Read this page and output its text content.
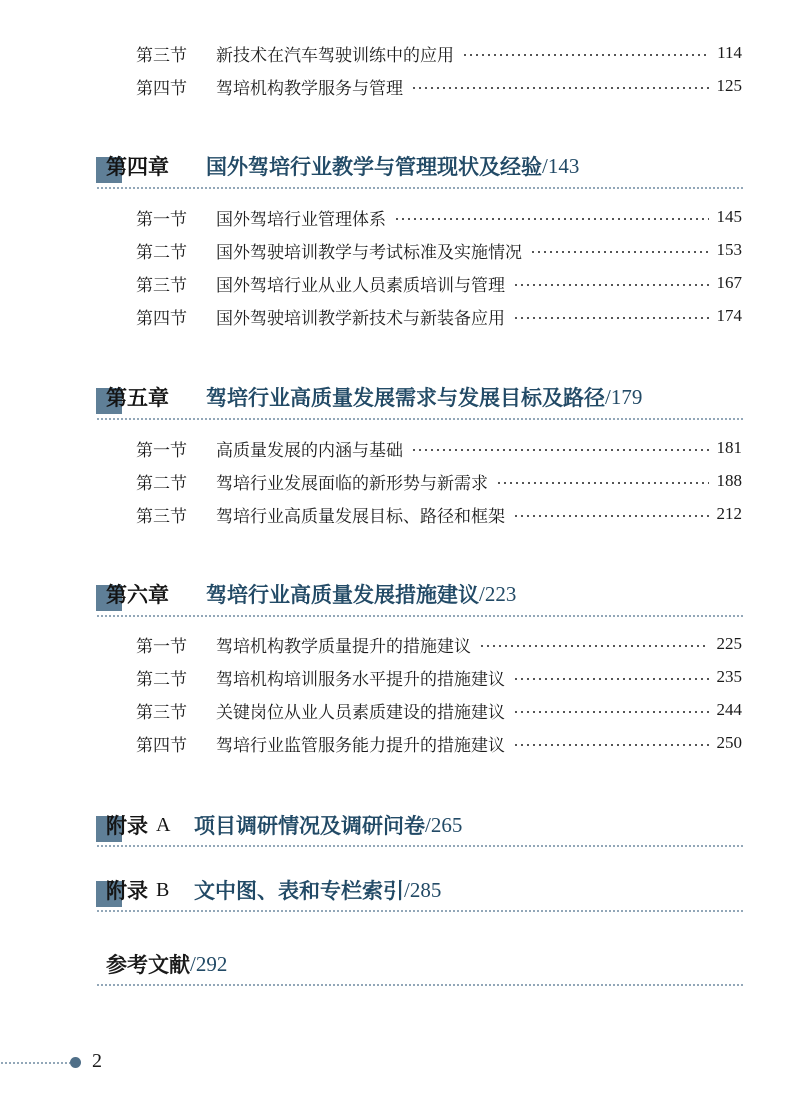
第三节	新技术在汽车驾驶训练中的应用	114
第四节	驾培机构教学服务与管理	125
第四章	国外驾培行业教学与管理现状及经验 /143
第一节	国外驾培行业管理体系	145
第二节	国外驾驶培训教学与考试标准及实施情况	153
第三节	国外驾培行业从业人员素质培训与管理	167
第四节	国外驾驶培训教学新技术与新装备应用	174
第五章	驾培行业高质量发展需求与发展目标及路径 /179
第一节	高质量发展的内涵与基础	181
第二节	驾培行业发展面临的新形势与新需求	188
第三节	驾培行业高质量发展目标、路径和框架	212
第六章	驾培行业高质量发展措施建议 /223
第一节	驾培机构教学质量提升的措施建议	225
第二节	驾培机构培训服务水平提升的措施建议	235
第三节	关键岗位从业人员素质建设的措施建议	244
第四节	驾培行业监管服务能力提升的措施建议	250
附录 A	项目调研情况及调研问卷 /265
附录 B	文中图、表和专栏索引 /285
参考文献 /292
2
